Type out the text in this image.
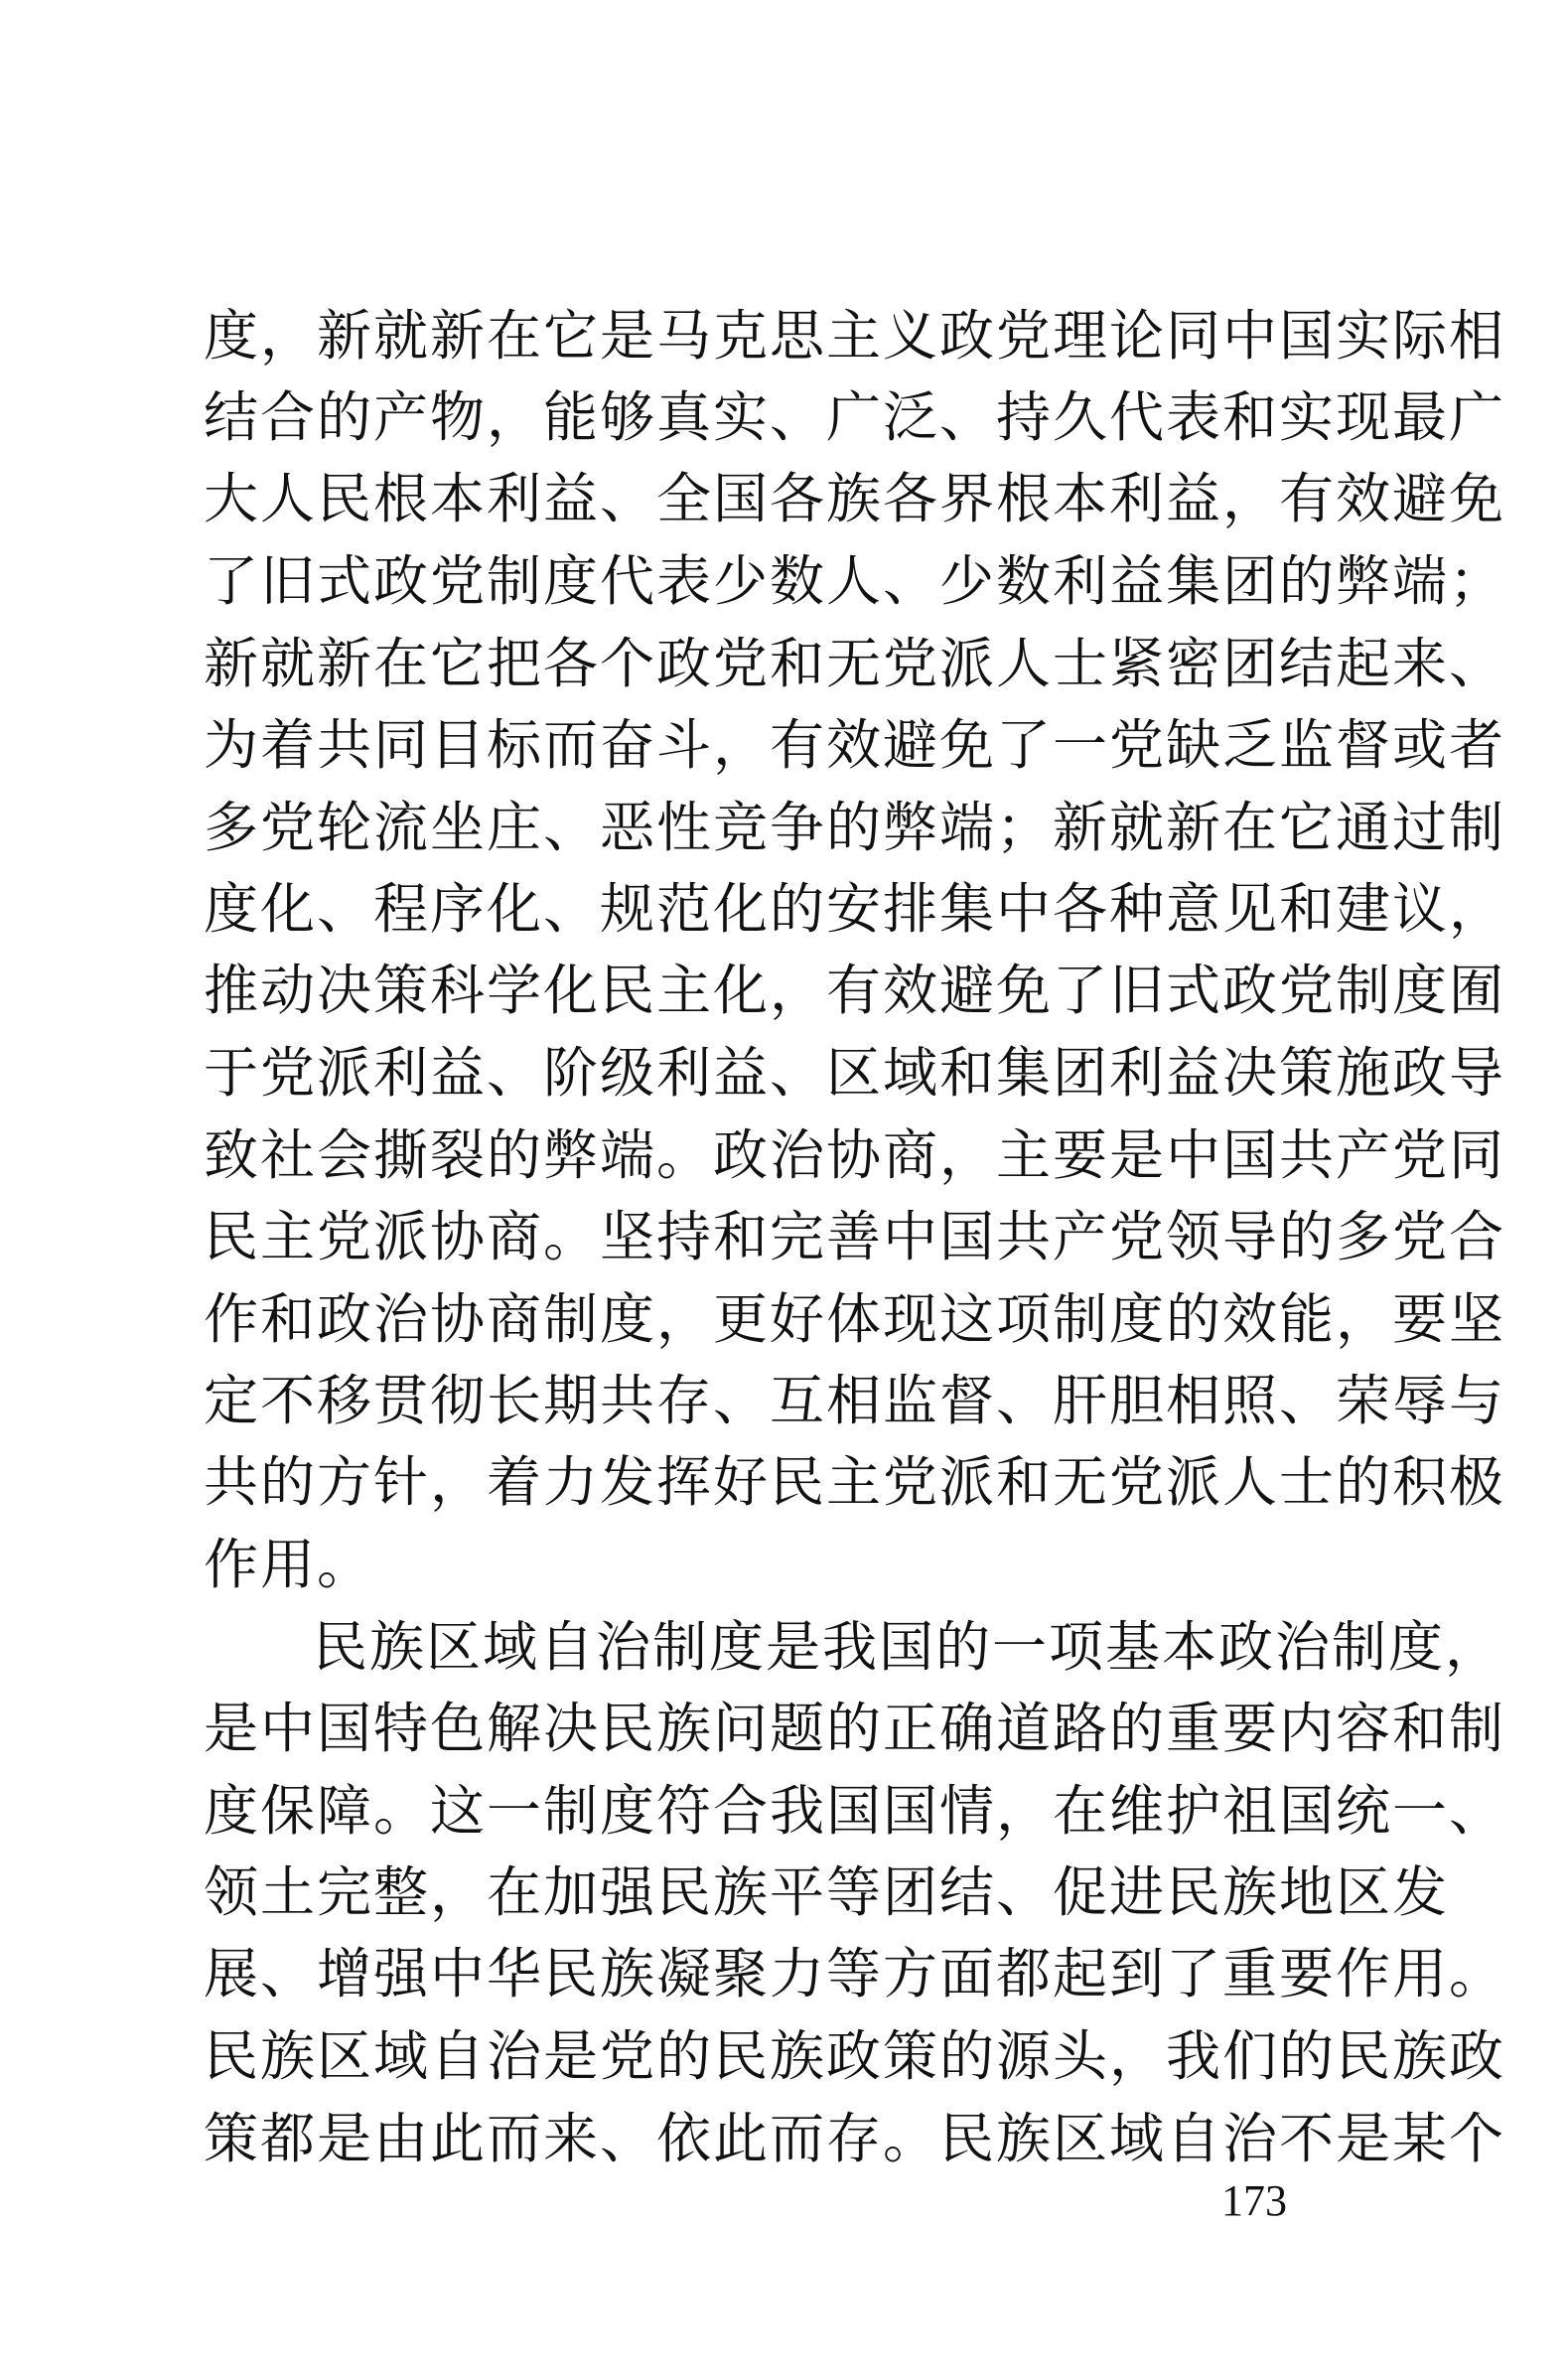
度，新就新在它是马克思主义政党理论同中国实际相
结合的产物，能够真实、广泛、持久代表和实现最广
大人民根本利益、全国各族各界根本利益，有效避免
了旧式政党制度代表少数人、少数利益集团的弊端；
新就新在它把各个政党和无党派人士紧密团结起来、
为着共同目标而奋斗，有效避免了一党缺乏监督或者
多党轮流坐庄、恶性竞争的弊端；新就新在它通过制
度化、程序化、规范化的安排集中各种意见和建议，
推动决策科学化民主化，有效避免了旧式政党制度囿
于党派利益、阶级利益、区域和集团利益决策施政导
致社会撕裂的弊端。政治协商，主要是中国共产党同
民主党派协商。坚持和完善中国共产党领导的多党合
作和政治协商制度，更好体现这项制度的效能，要坚
定不移贯彻长期共存、互相监督、肝胆相照、荣辱与
共的方针，着力发挥好民主党派和无党派人士的积极
作用。
民族区域自治制度是我国的一项基本政治制度，
是中国特色解决民族问题的正确道路的重要内容和制
度保障。这一制度符合我国国情，在维护祖国统一、
领土完整，在加强民族平等团结、促进民族地区发
展、增强中华民族凝聚力等方面都起到了重要作用。
民族区域自治是党的民族政策的源头，我们的民族政
策都是由此而来、依此而存。民族区域自治不是某个
173
